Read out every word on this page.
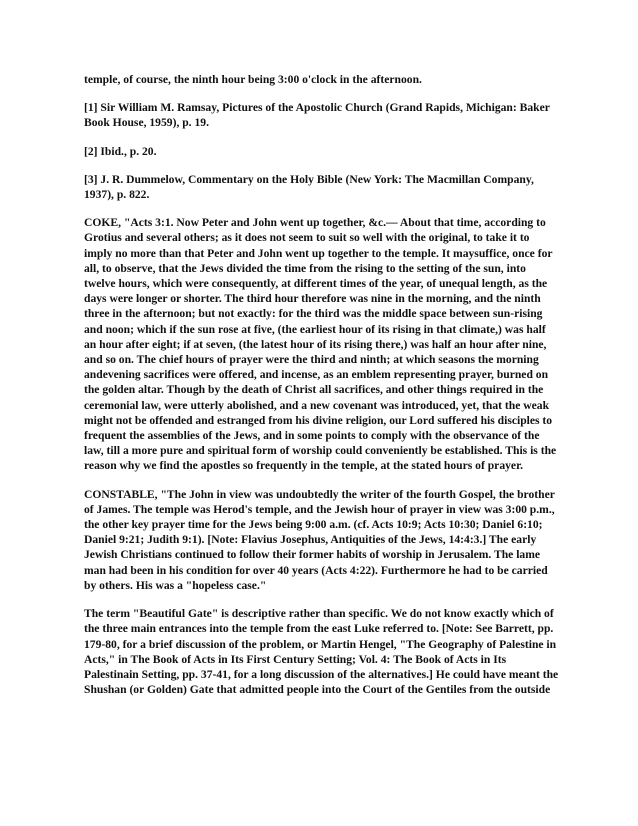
temple, of course, the ninth hour being 3:00 o'clock in the afternoon.

[1] Sir William M. Ramsay, Pictures of the Apostolic Church (Grand Rapids, Michigan: Baker Book House, 1959), p. 19.

[2] Ibid., p. 20.

[3] J. R. Dummelow, Commentary on the Holy Bible (New York: The Macmillan Company, 1937), p. 822.

COKE, "Acts 3:1. Now Peter and John went up together, &c.— About that time, according to Grotius and several others; as it does not seem to suit so well with the original, to take it to imply no more than that Peter and John went up together to the temple. It maysuffice, once for all, to observe, that the Jews divided the time from the rising to the setting of the sun, into twelve hours, which were consequently, at different times of the year, of unequal length, as the days were longer or shorter. The third hour therefore was nine in the morning, and the ninth three in the afternoon; but not exactly: for the third was the middle space between sun-rising and noon; which if the sun rose at five, (the earliest hour of its rising in that climate,) was half an hour after eight; if at seven, (the latest hour of its rising there,) was half an hour after nine, and so on. The chief hours of prayer were the third and ninth; at which seasons the morning andevening sacrifices were offered, and incense, as an emblem representing prayer, burned on the golden altar. Though by the death of Christ all sacrifices, and other things required in the ceremonial law, were utterly abolished, and a new covenant was introduced, yet, that the weak might not be offended and estranged from his divine religion, our Lord suffered his disciples to frequent the assemblies of the Jews, and in some points to comply with the observance of the law, till a more pure and spiritual form of worship could conveniently be established. This is the reason why we find the apostles so frequently in the temple, at the stated hours of prayer.

CONSTABLE, "The John in view was undoubtedly the writer of the fourth Gospel, the brother of James. The temple was Herod's temple, and the Jewish hour of prayer in view was 3:00 p.m., the other key prayer time for the Jews being 9:00 a.m. (cf. Acts 10:9; Acts 10:30; Daniel 6:10; Daniel 9:21; Judith 9:1). [Note: Flavius Josephus, Antiquities of the Jews, 14:4:3.] The early Jewish Christians continued to follow their former habits of worship in Jerusalem. The lame man had been in his condition for over 40 years (Acts 4:22). Furthermore he had to be carried by others. His was a "hopeless case."

The term "Beautiful Gate" is descriptive rather than specific. We do not know exactly which of the three main entrances into the temple from the east Luke referred to. [Note: See Barrett, pp. 179-80, for a brief discussion of the problem, or Martin Hengel, "The Geography of Palestine in Acts," in The Book of Acts in Its First Century Setting; Vol. 4: The Book of Acts in Its Palestinain Setting, pp. 37-41, for a long discussion of the alternatives.] He could have meant the Shushan (or Golden) Gate that admitted people into the Court of the Gentiles from the outside
